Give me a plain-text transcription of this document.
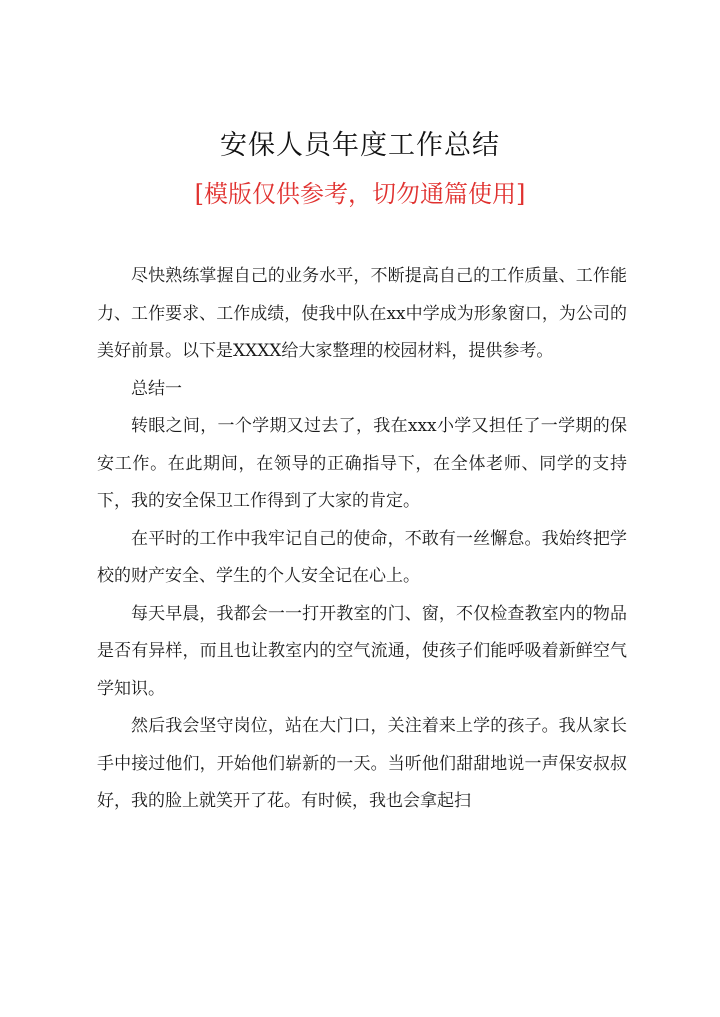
安保人员年度工作总结
[模版仅供参考，切勿通篇使用]

尽快熟练掌握自己的业务水平，不断提高自己的工作质量、工作能力、工作要求、工作成绩，使我中队在xx中学成为形象窗口，为公司的美好前景。以下是XXXX给大家整理的校园材料，提供参考。

总结一

转眼之间，一个学期又过去了，我在xxx小学又担任了一学期的保安工作。在此期间，在领导的正确指导下，在全体老师、同学的支持下，我的安全保卫工作得到了大家的肯定。

在平时的工作中我牢记自己的使命，不敢有一丝懈怠。我始终把学校的财产安全、学生的个人安全记在心上。

每天早晨，我都会一一打开教室的门、窗，不仅检查教室内的物品是否有异样，而且也让教室内的空气流通，使孩子们能呼吸着新鲜空气学知识。

然后我会坚守岗位，站在大门口，关注着来上学的孩子。我从家长手中接过他们，开始他们崭新的一天。当听他们甜甜地说一声保安叔叔好，我的脸上就笑开了花。有时候，我也会拿起扫
